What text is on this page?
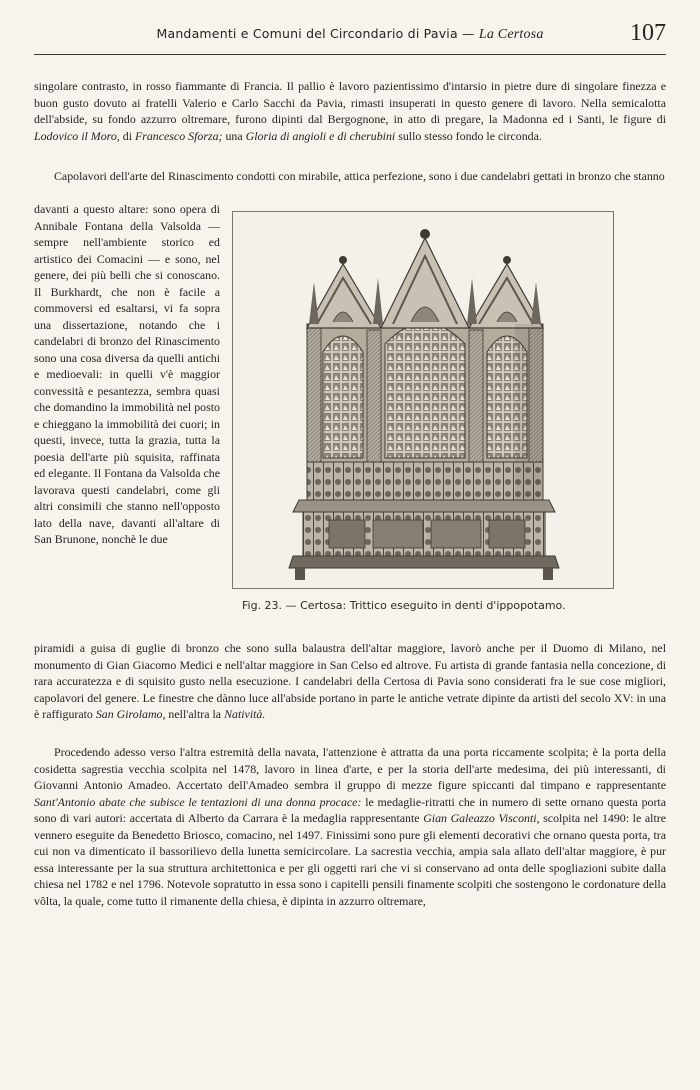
Mandamenti e Comuni del Circondario di Pavia — La Certosa	107

singolare contrasto, in rosso fiammante di Francia. Il pallio è lavoro pazientissimo d'intarsio in pietre dure di singolare finezza e buon gusto dovuto ai fratelli Valerio e Carlo Sacchi da Pavia, rimasti insuperati in questo genere di lavoro. Nella semicalotta dell'abside, su fondo azzurro oltremare, furono dipinti dal Bergognone, in atto di pregare, la Madonna ed i Santi, le figure di Lodovico il Moro, di Francesco Sforza; una Gloria di angioli e di cherubini sullo stesso fondo le circonda.

Capolavori dell'arte del Rinascimento condotti con mirabile, attica perfezione, sono i due candelabri gettati in bronzo che stanno

davanti a questo altare: sono opera di Annibale Fontana della Valsolda — sempre nell'ambiente storico ed artistico dei Comacini — e sono, nel genere, dei più belli che si conoscano. Il Burkhardt, che non è facile a commoversi ed esaltarsi, vi fa sopra una dissertazione, notando che i candelabri di bronzo del Rinascimento sono una cosa diversa da quelli antichi e medioevali: in quelli v'è maggior convessità e pesantezza, sembra quasi che domandino la immobilità nel posto e chieggano la immobilità dei cuori; in questi, invece, tutta la grazia, tutta la poesia dell'arte più squisita, raffinata ed elegante. Il Fontana da Valsolda che lavorava questi candelabri, come gli altri consimili che stanno nell'opposto lato della nave, davanti all'altare di San Brunone, nonchè le due

Fig. 23. — Certosa: Trittico eseguito in denti d'ippopotamo.

piramidi a guisa di guglie di bronzo che sono sulla balaustra dell'altar maggiore, lavorò anche per il Duomo di Milano, nel monumento di Gian Giacomo Medici e nell'altar maggiore in San Celso ed altrove. Fu artista di grande fantasia nella concezione, di rara accuratezza e di squisito gusto nella esecuzione. I candelabri della Certosa di Pavia sono considerati fra le sue cose migliori, capolavori del genere. Le finestre che dànno luce all'abside portano in parte le antiche vetrate dipinte da artisti del secolo XV: in una è raffigurato San Girolamo, nell'altra la Natività.

Procedendo adesso verso l'altra estremità della navata, l'attenzione è attratta da una porta riccamente scolpita; è la porta della cosidetta sagrestia vecchia scolpita nel 1478, lavoro in linea d'arte, e per la storia dell'arte medesima, dei più interessanti, di Giovanni Antonio Amadeo. Accertato dell'Amadeo sembra il gruppo di mezze figure spiccanti dal timpano e rappresentante Sant'Antonio abate che subisce le tentazioni di una donna procace: le medaglie-ritratti che in numero di sette ornano questa porta sono di vari autori: accertata di Alberto da Carrara è la medaglia rappresentante Gian Galeazzo Visconti, scolpita nel 1490: le altre vennero eseguite da Benedetto Briosco, comacino, nel 1497. Finissimi sono pure gli elementi decorativi che ornano questa porta, tra cui non va dimenticato il bassorilievo della lunetta semicircolare. La sacrestia vecchia, ampia sala allato dell'altar maggiore, è pur essa interessante per la sua struttura architettonica e per gli oggetti rari che vi si conservano ad onta delle spogliazioni subite dalla chiesa nel 1782 e nel 1796. Notevole sopratutto in essa sono i capitelli pensili finamente scolpiti che sostengono le cordonature della vôlta, la quale, come tutto il rimanente della chiesa, è dipinta in azzurro oltremare,
